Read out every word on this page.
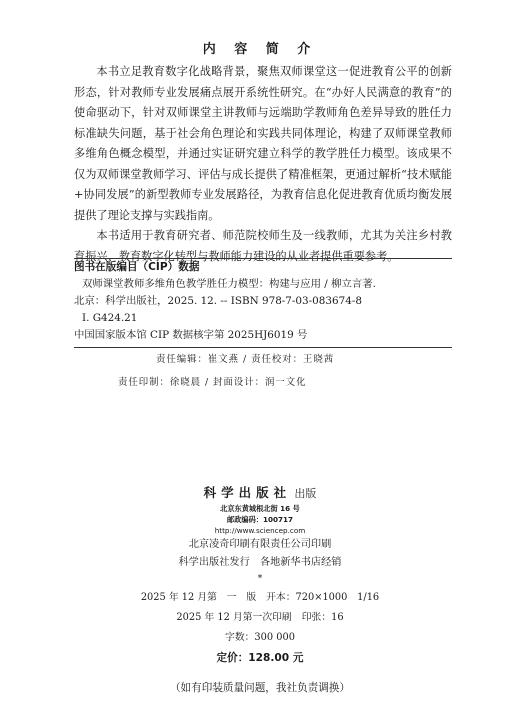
内 容 简 介

本书立足教育数字化战略背景，聚焦双师课堂这一促进教育公平的创新形态，针对教师专业发展痛点展开系统性研究。在“办好人民满意的教育”的使命驱动下，针对双师课堂主讲教师与远端助学教师角色差异导致的胜任力标准缺失问题，基于社会角色理论和实践共同体理论，构建了双师课堂教师多维角色概念模型，并通过实证研究建立科学的教学胜任力模型。该成果不仅为双师课堂教师学习、评估与成长提供了精准框架，更通过解析“技术赋能+协同发展”的新型教师专业发展路径，为教育信息化促进教育优质均衡发展提供了理论支撑与实践指南。

本书适用于教育研究者、师范院校师生及一线教师，尤其为关注乡村教育振兴、教育数字化转型与教师能力建设的从业者提供重要参考。

图书在版编目（CIP）数据
双师课堂教师多维角色教学胜任力模型：构建与应用 / 柳立言著.
北京：科学出版社，2025. 12. -- ISBN 978-7-03-083674-8
Ⅰ. G424.21
中国国家版本馆 CIP 数据核字第 2025HJ6019 号
责任编辑：崔文燕 / 责任校对：王晓茜
责任印制：徐晓晨 / 封面设计：润一文化
科学出版社 出版
北京东黄城根北街 16 号
邮政编码：100717
http://www.sciencep.com
北京凌奇印刷有限责任公司印刷
科学出版社发行　各地新华书店经销
*
2025 年 12 月第　一　版 开本：720×1000　1/16
2025 年 12 月第一次印刷 印张：16
字数：300 000
定价：128.00 元
（如有印装质量问题，我社负责调换）
